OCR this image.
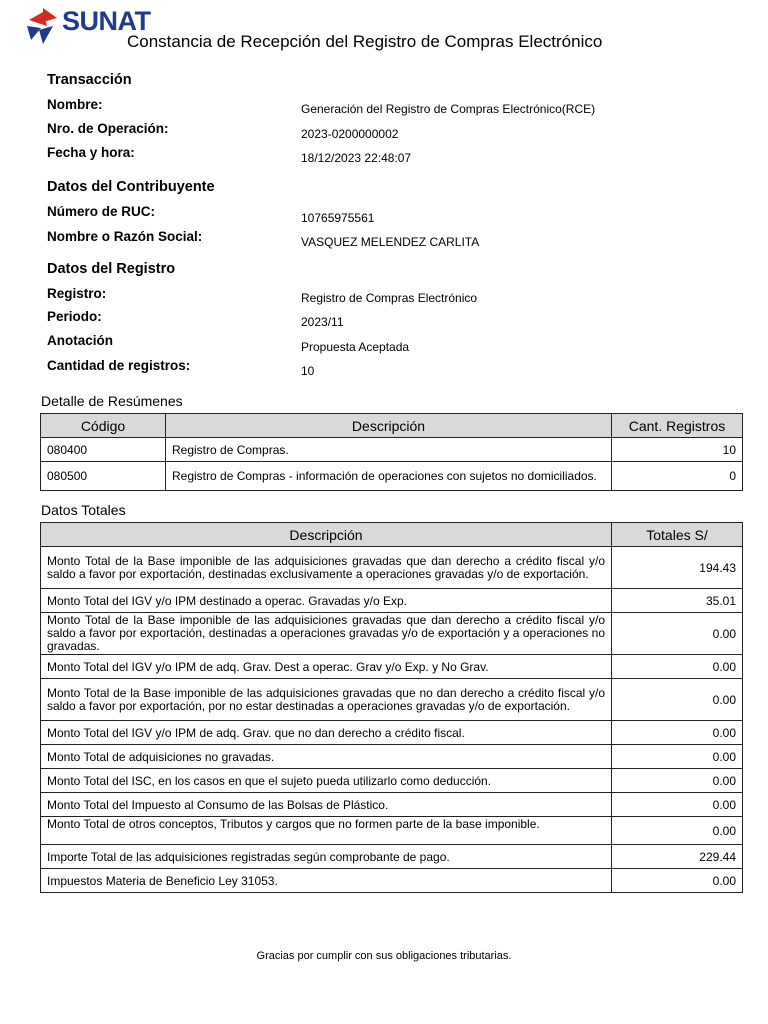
SUNAT
Constancia de Recepción del Registro de Compras Electrónico
Transacción
Nombre:	Generación del Registro de Compras Electrónico(RCE)
Nro. de Operación:	2023-0200000002
Fecha y hora:	18/12/2023 22:48:07
Datos del Contribuyente
Número de RUC:	10765975561
Nombre o Razón Social:	VASQUEZ MELENDEZ CARLITA
Datos del Registro
Registro:	Registro de Compras Electrónico
Periodo:	2023/11
Anotación	Propuesta Aceptada
Cantidad de registros:	10
Detalle de Resúmenes
Código	Descripción	Cant. Registros
080400	Registro de Compras.	10
080500	Registro de Compras - información de operaciones con sujetos no domiciliados.	0
Datos Totales
Descripción	Totales S/
Monto Total de la Base imponible de las adquisiciones gravadas que dan derecho a crédito fiscal y/o saldo a favor por exportación, destinadas exclusivamente a operaciones gravadas y/o de exportación.	194.43
Monto Total del IGV y/o IPM destinado a operac. Gravadas y/o Exp.	35.01
Monto Total de la Base imponible de las adquisiciones gravadas que dan derecho a crédito fiscal y/o saldo a favor por exportación, destinadas a operaciones gravadas y/o de exportación y a operaciones no gravadas.	0.00
Monto Total del IGV y/o IPM de adq. Grav. Dest a operac. Grav y/o Exp. y No Grav.	0.00
Monto Total de la Base imponible de las adquisiciones gravadas que no dan derecho a crédito fiscal y/o saldo a favor por exportación, por no estar destinadas a operaciones gravadas y/o de exportación.	0.00
Monto Total del IGV y/o IPM de adq. Grav. que no dan derecho a crédito fiscal.	0.00
Monto Total de adquisiciones no gravadas.	0.00
Monto Total del ISC, en los casos en que el sujeto pueda utilizarlo como deducción.	0.00
Monto Total del Impuesto al Consumo de las Bolsas de Plástico.	0.00
Monto Total de otros conceptos, Tributos y cargos que no formen parte de la base imponible.	0.00
Importe Total de las adquisiciones registradas según comprobante de pago.	229.44
Impuestos Materia de Beneficio Ley 31053.	0.00
Gracias por cumplir con sus obligaciones tributarias.
